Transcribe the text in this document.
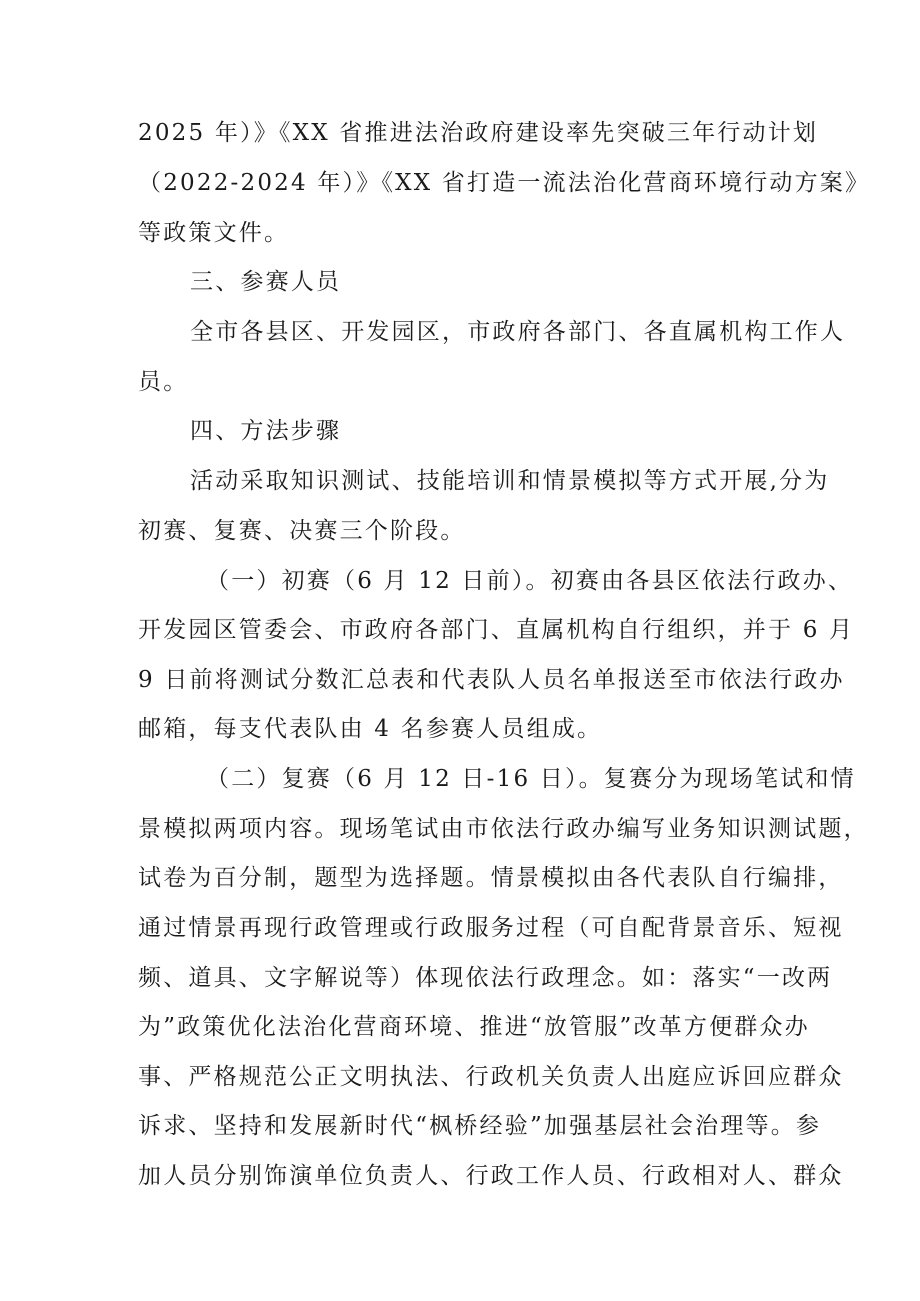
2025 年）》《XX 省推进法治政府建设率先突破三年行动计划
（2022-2024 年）》《XX 省打造一流法治化营商环境行动方案》
等政策文件。
三、参赛人员
全市各县区、开发园区，市政府各部门、各直属机构工作人
员。
四、方法步骤
活动采取知识测试、技能培训和情景模拟等方式开展,分为
初赛、复赛、决赛三个阶段。
（一）初赛（6 月 12 日前）。初赛由各县区依法行政办、
开发园区管委会、市政府各部门、直属机构自行组织，并于 6 月
9 日前将测试分数汇总表和代表队人员名单报送至市依法行政办
邮箱，每支代表队由 4 名参赛人员组成。
（二）复赛（6 月 12 日-16 日）。复赛分为现场笔试和情
景模拟两项内容。现场笔试由市依法行政办编写业务知识测试题，
试卷为百分制，题型为选择题。情景模拟由各代表队自行编排，
通过情景再现行政管理或行政服务过程（可自配背景音乐、短视
频、道具、文字解说等）体现依法行政理念。如：落实“一改两
为”政策优化法治化营商环境、推进“放管服”改革方便群众办
事、严格规范公正文明执法、行政机关负责人出庭应诉回应群众
诉求、坚持和发展新时代“枫桥经验”加强基层社会治理等。参
加人员分别饰演单位负责人、行政工作人员、行政相对人、群众
